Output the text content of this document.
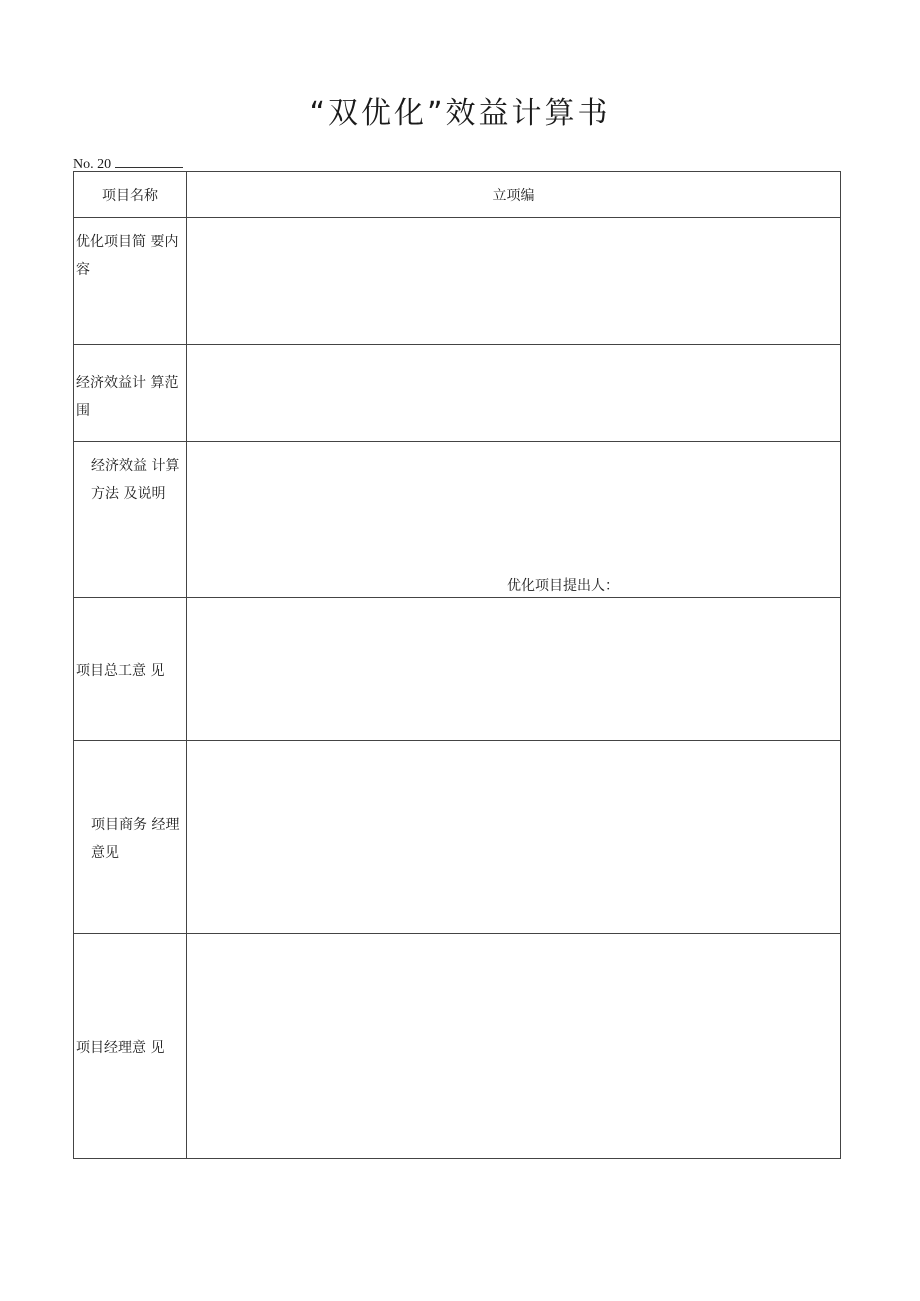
“双优化”效益计算书
No. 20
项目名称	立项编

优化项目简 要内容	

经济效益计 算范围	

经济效益 计算方法 及说明	优化项目提出人：

项目总工意 见	

项目商务 经理意见	

项目经理意 见	
